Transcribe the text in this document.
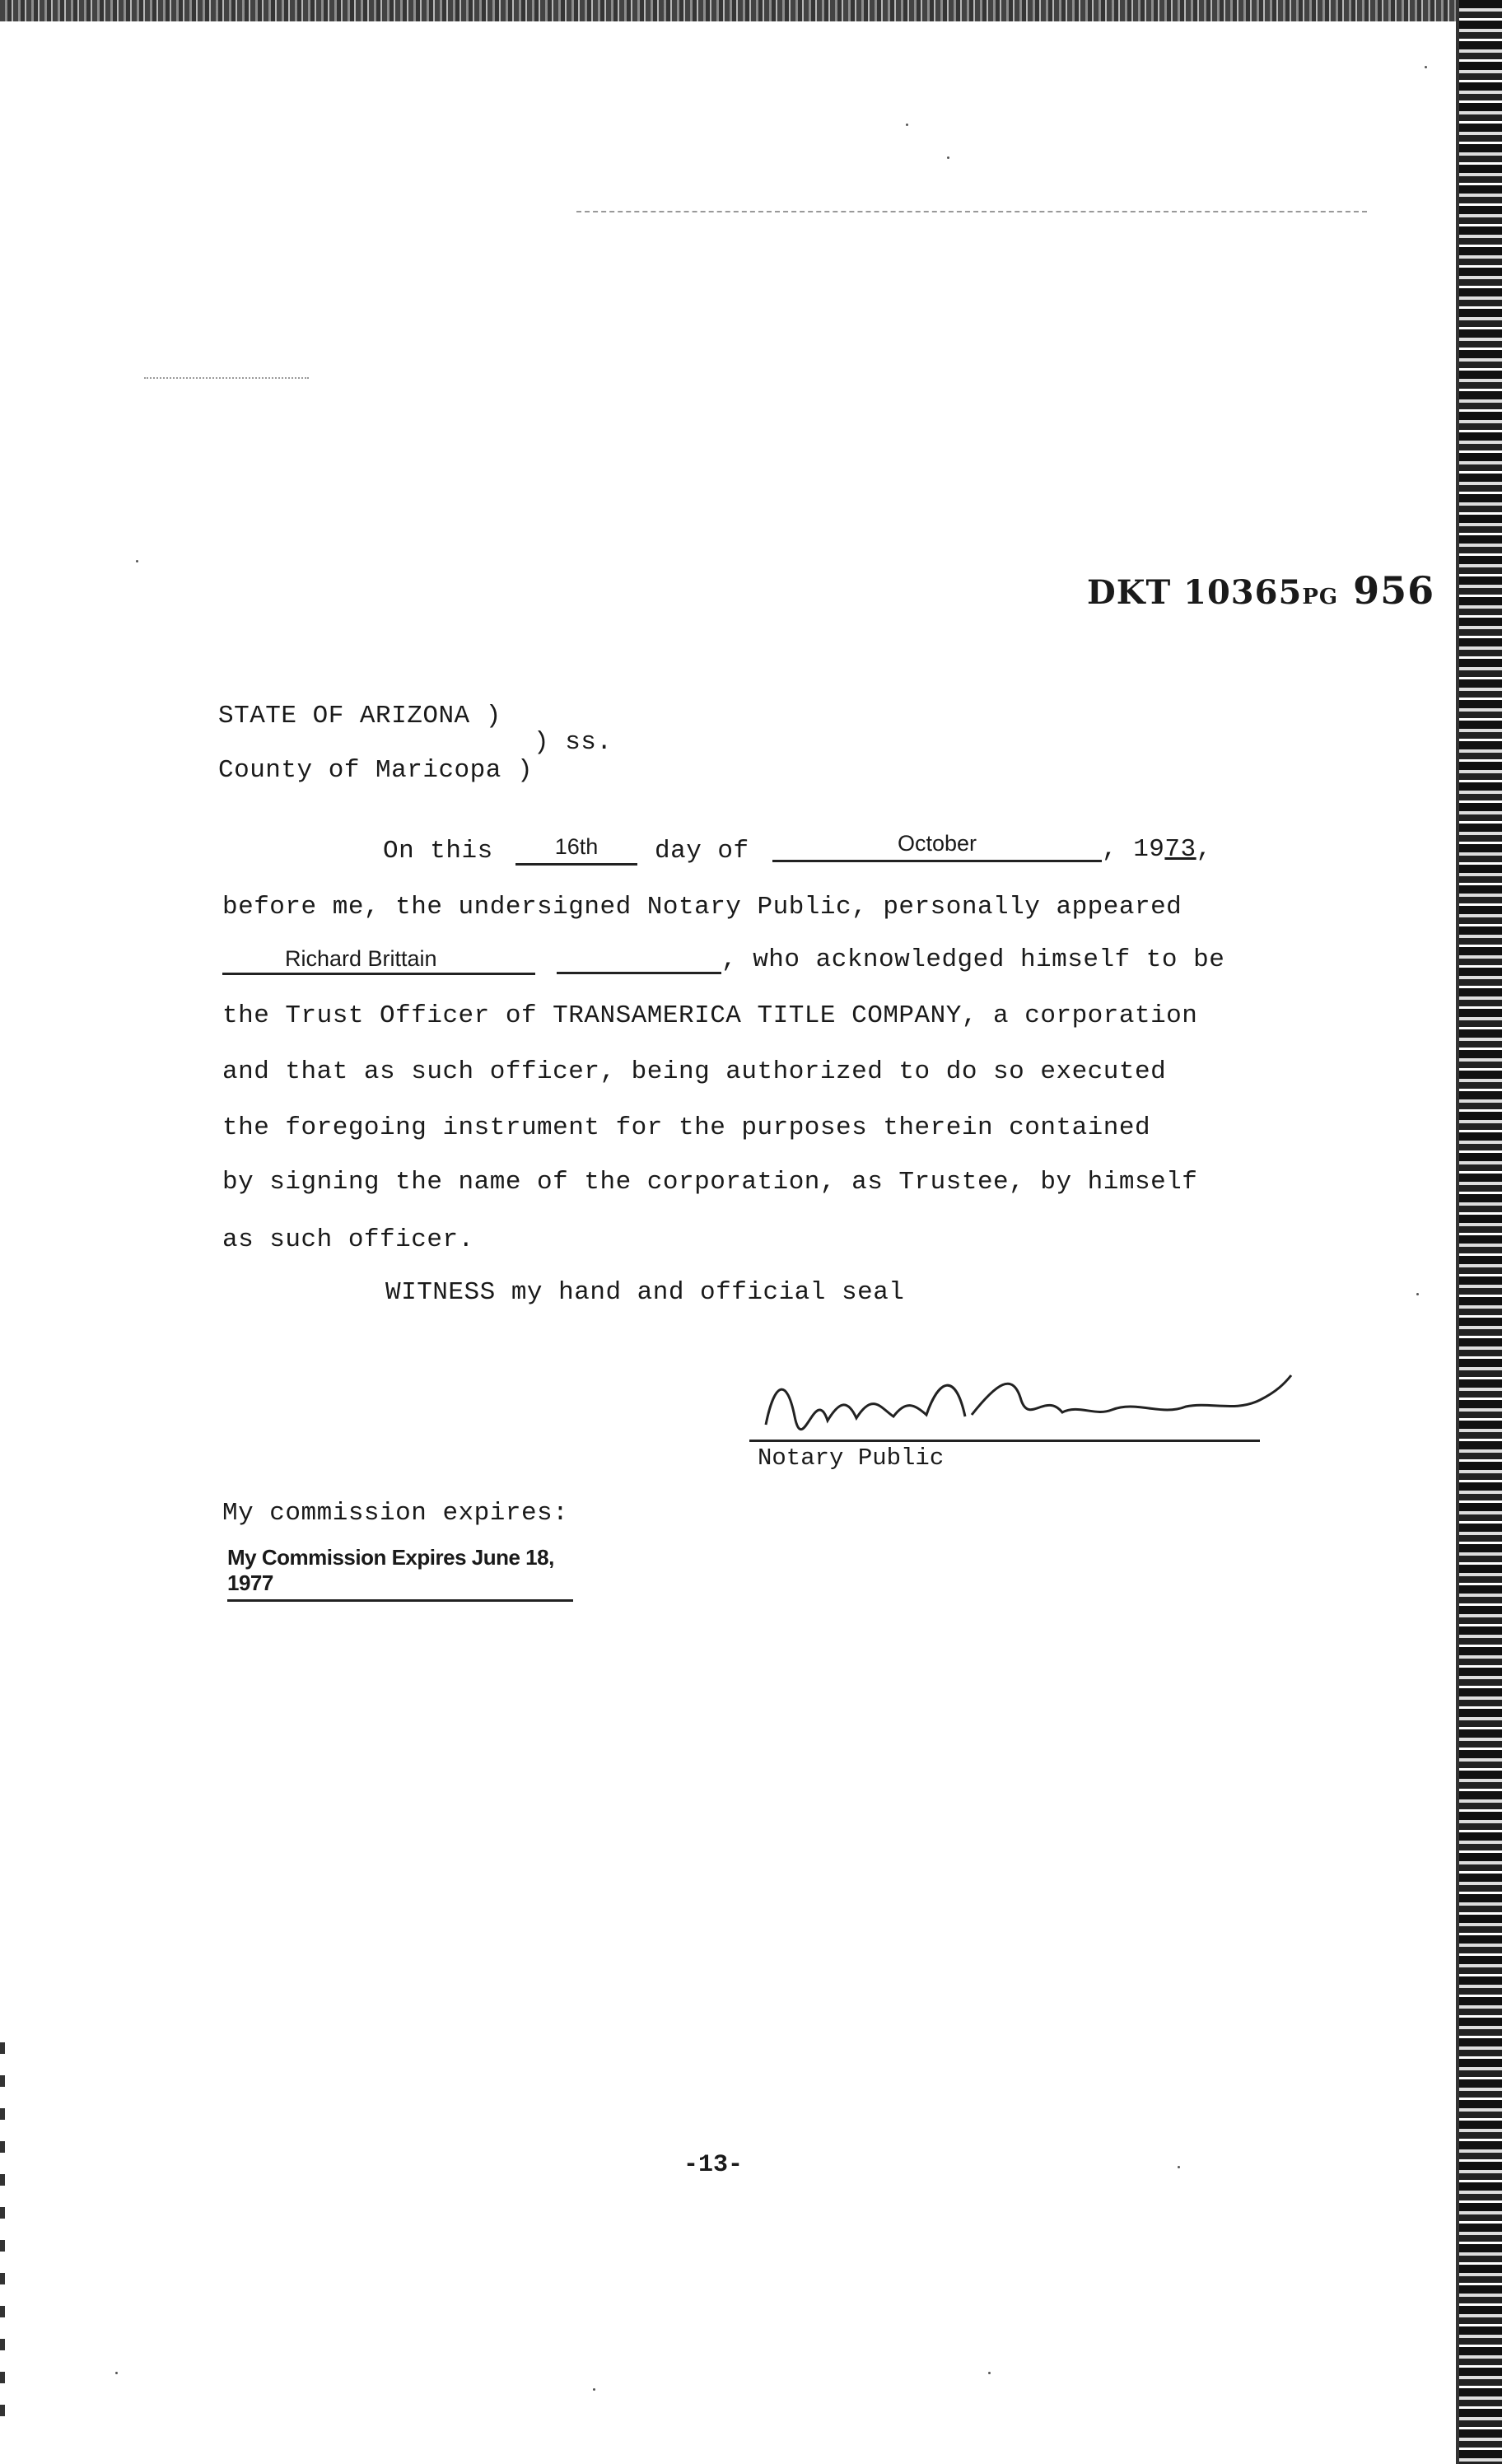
DKT 10365PG 956
STATE OF ARIZONA )
) ss.
County of Maricopa )
On this	16th	day of	October	, 1973,
before me, the undersigned Notary Public, personally appeared
Richard Brittain	, who acknowledged himself to be
the Trust Officer of TRANSAMERICA TITLE COMPANY, a corporation
and that as such officer, being authorized to do so executed
the foregoing instrument for the purposes therein contained
by signing the name of the corporation, as Trustee, by himself
as such officer.
WITNESS my hand and official seal
Notary Public
My commission expires:
My Commission Expires June 18, 1977
-13-
